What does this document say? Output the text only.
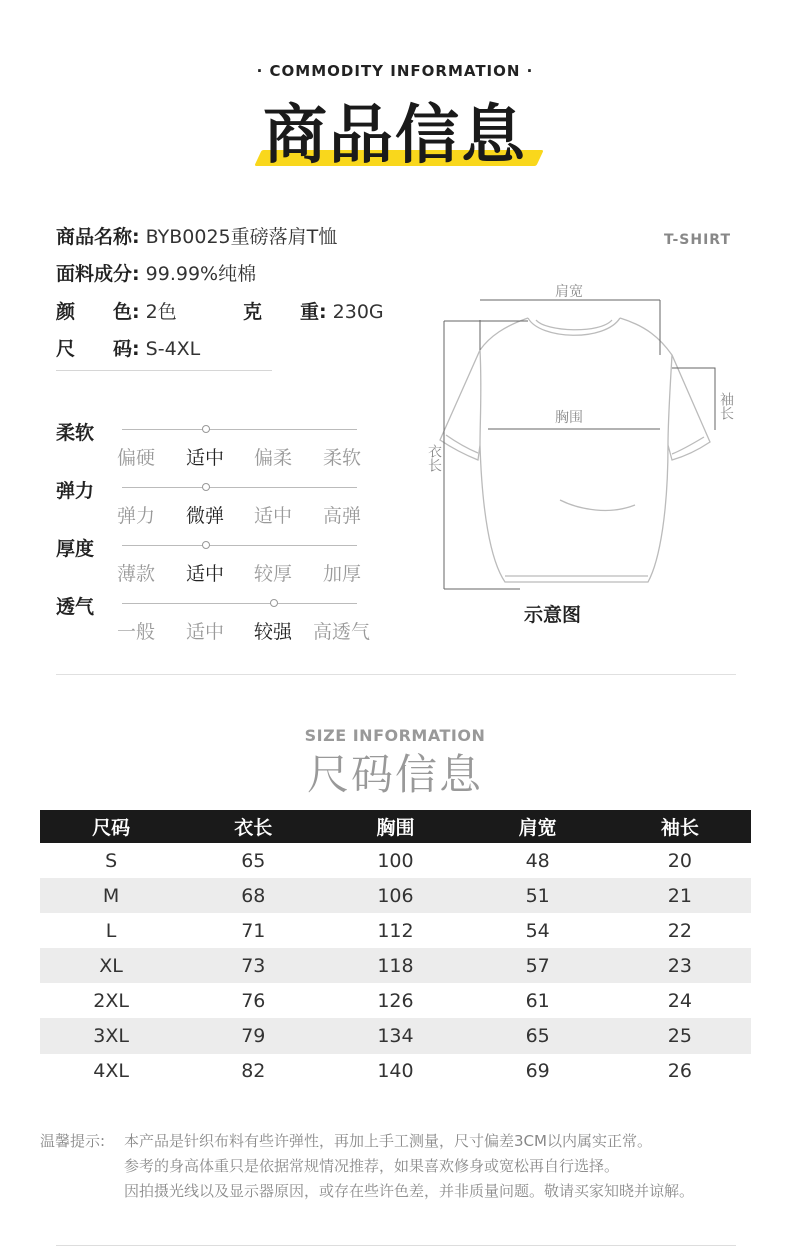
· COMMODITY INFORMATION ·
商品信息
商品名称: BYB0025重磅落肩T恤
面料成分: 99.99%纯棉
颜　　色: 2色	克　　重: 230G
尺　　码: S-4XL
柔软
偏硬 适中 偏柔 柔软
弹力
弹力 微弹 适中 高弹
厚度
薄款 适中 较厚 加厚
透气
一般 适中 较强 高透气
T-SHIRT
肩宽
胸围
衣长
袖长
示意图
SIZE INFORMATION
尺码信息
尺码	衣长	胸围	肩宽	袖长
S	65	100	48	20
M	68	106	51	21
L	71	112	54	22
XL	73	118	57	23
2XL	76	126	61	24
3XL	79	134	65	25
4XL	82	140	69	26
温馨提示: 本产品是针织布料有些许弹性，再加上手工测量，尺寸偏差3CM以内属实正常。
参考的身高体重只是依据常规情况推荐，如果喜欢修身或宽松再自行选择。
因拍摄光线以及显示器原因，或存在些许色差，并非质量问题。敬请买家知晓并谅解。
